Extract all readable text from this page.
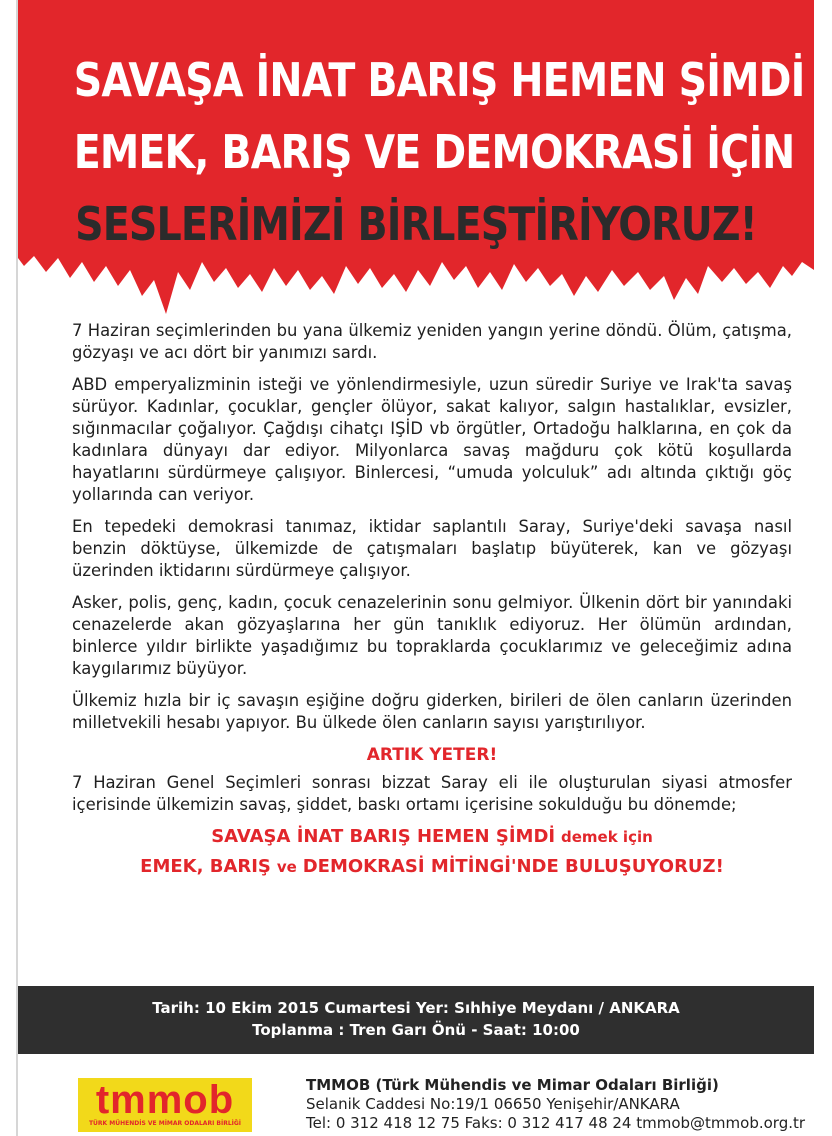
SAVAŞA İNAT BARIŞ HEMEN ŞİMDİ
EMEK, BARIŞ VE DEMOKRASİ İÇİN
SESLERİMİZİ BİRLEŞTİRİYORUZ!

7 Haziran seçimlerinden bu yana ülkemiz yeniden yangın yerine döndü. Ölüm, çatışma, gözyaşı ve acı dört bir yanımızı sardı.

ABD emperyalizminin isteği ve yönlendirmesiyle, uzun süredir Suriye ve Irak'ta savaş sürüyor. Kadınlar, çocuklar, gençler ölüyor, sakat kalıyor, salgın hastalıklar, evsizler, sığınmacılar çoğalıyor. Çağdışı cihatçı IŞİD vb örgütler, Ortadoğu halklarına, en çok da kadınlara dünyayı dar ediyor. Milyonlarca savaş mağduru çok kötü koşullarda hayatlarını sürdürmeye çalışıyor. Binlercesi, “umuda yolculuk” adı altında çıktığı göç yollarında can veriyor.

En tepedeki demokrasi tanımaz, iktidar saplantılı Saray, Suriye'deki savaşa nasıl benzin döktüyse, ülkemizde de çatışmaları başlatıp büyüterek, kan ve gözyaşı üzerinden iktidarını sürdürmeye çalışıyor.

Asker, polis, genç, kadın, çocuk cenazelerinin sonu gelmiyor. Ülkenin dört bir yanındaki cenazelerde akan gözyaşlarına her gün tanıklık ediyoruz. Her ölümün ardından, binlerce yıldır birlikte yaşadığımız bu topraklarda çocuklarımız ve geleceğimiz adına kaygılarımız büyüyor.

Ülkemiz hızla bir iç savaşın eşiğine doğru giderken, birileri de ölen canların üzerinden milletvekili hesabı yapıyor. Bu ülkede ölen canların sayısı yarıştırılıyor.

ARTIK YETER!

7 Haziran Genel Seçimleri sonrası bizzat Saray eli ile oluşturulan siyasi atmosfer içerisinde ülkemizin savaş, şiddet, baskı ortamı içerisine sokulduğu bu dönemde;

SAVAŞA İNAT BARIŞ HEMEN ŞİMDİ demek için
EMEK, BARIŞ ve DEMOKRASİ MİTİNGİ'NDE BULUŞUYORUZ!
Tarih: 10 Ekim 2015 Cumartesi Yer: Sıhhiye Meydanı / ANKARA
Toplanma : Tren Garı Önü - Saat: 10:00
tmmob
TÜRK MÜHENDİS VE MİMAR ODALARI BİRLİĞİ
TMMOB (Türk Mühendis ve Mimar Odaları Birliği)
Selanik Caddesi No:19/1 06650 Yenişehir/ANKARA
Tel: 0 312 418 12 75 Faks: 0 312 417 48 24 tmmob@tmmob.org.tr
